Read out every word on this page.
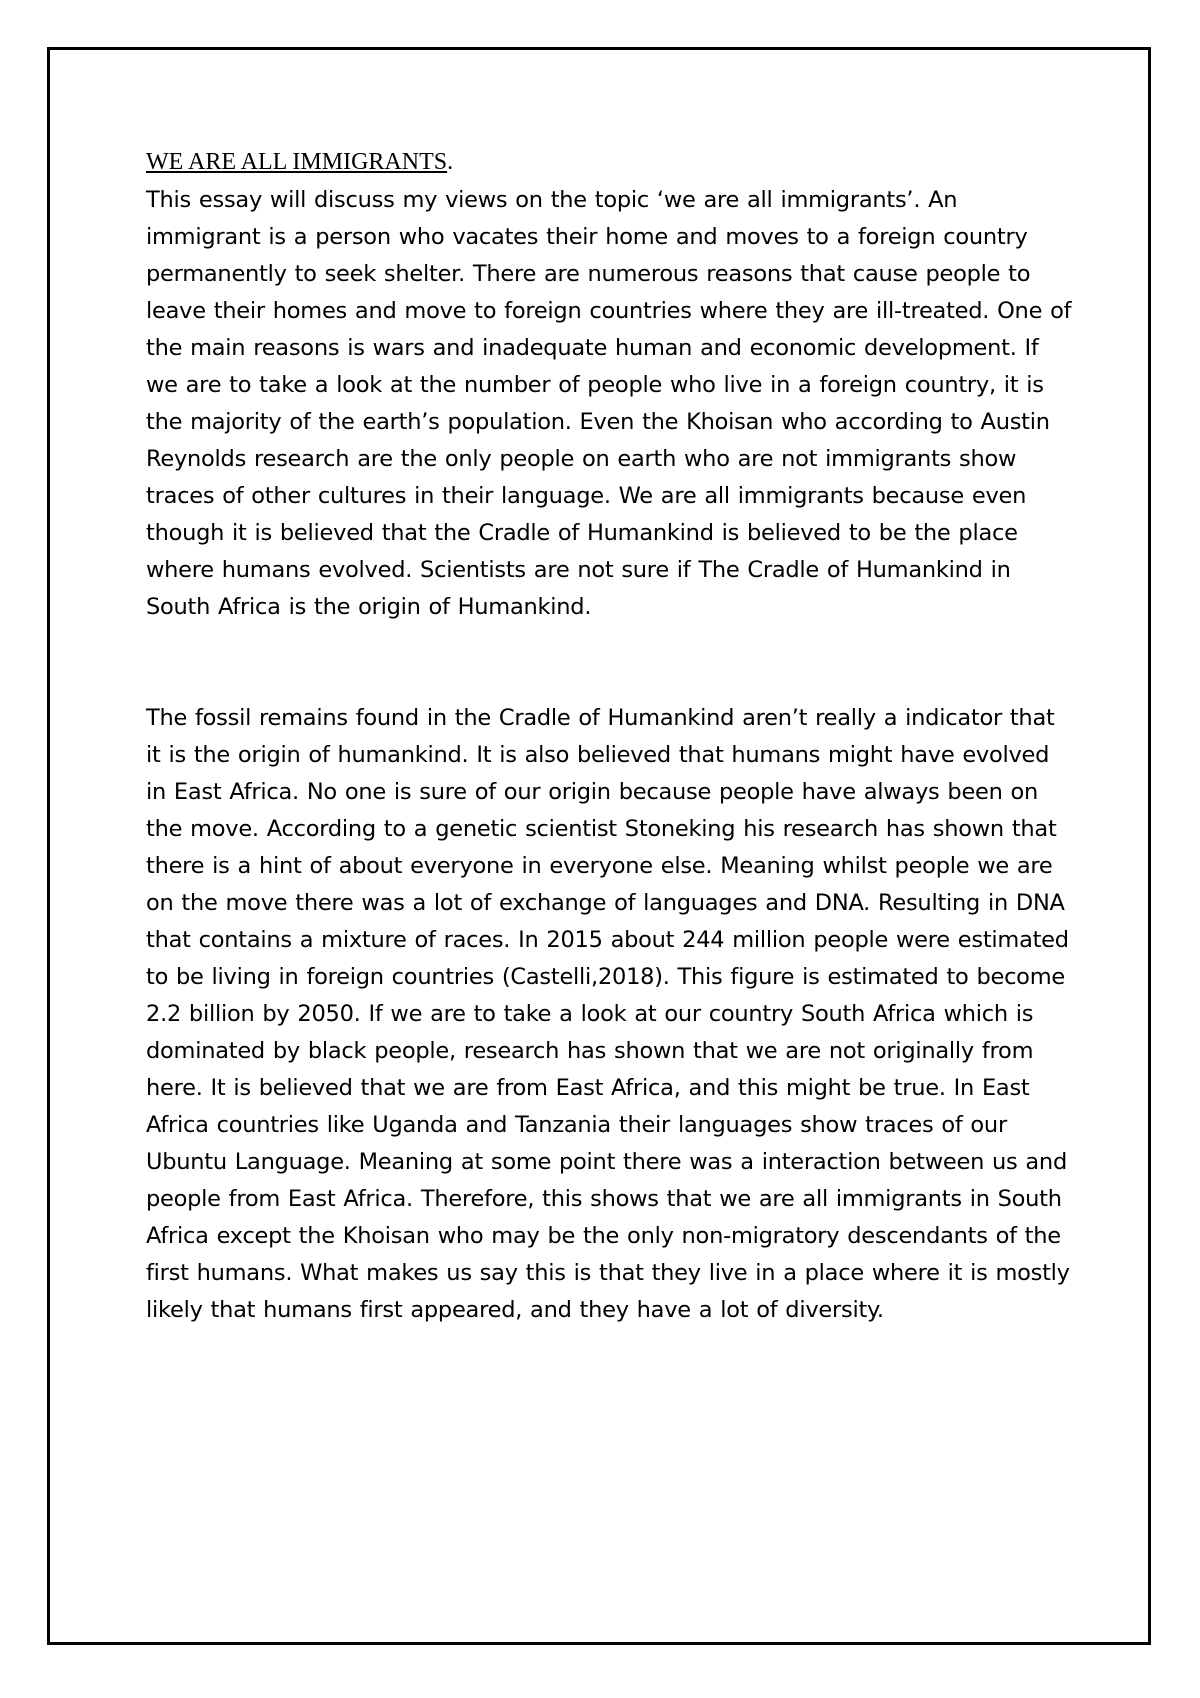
WE ARE ALL IMMIGRANTS.

This essay will discuss my views on the topic ‘we are all immigrants’. An immigrant is a person who vacates their home and moves to a foreign country permanently to seek shelter. There are numerous reasons that cause people to leave their homes and move to foreign countries where they are ill-treated. One of the main reasons is wars and inadequate human and economic development. If we are to take a look at the number of people who live in a foreign country, it is the majority of the earth’s population. Even the Khoisan who according to Austin Reynolds research are the only people on earth who are not immigrants show traces of other cultures in their language. We are all immigrants because even though it is believed that the Cradle of Humankind is believed to be the place where humans evolved. Scientists are not sure if The Cradle of Humankind in South Africa is the origin of Humankind.

The fossil remains found in the Cradle of Humankind aren’t really a indicator that it is the origin of humankind. It is also believed that humans might have evolved in East Africa. No one is sure of our origin because people have always been on the move. According to a genetic scientist Stoneking his research has shown that there is a hint of about everyone in everyone else. Meaning whilst people we are on the move there was a lot of exchange of languages and DNA. Resulting in DNA that contains a mixture of races. In 2015 about 244 million people were estimated to be living in foreign countries (Castelli,2018). This figure is estimated to become 2.2 billion by 2050. If we are to take a look at our country South Africa which is dominated by black people, research has shown that we are not originally from here. It is believed that we are from East Africa, and this might be true. In East Africa countries like Uganda and Tanzania their languages show traces of our Ubuntu Language. Meaning at some point there was a interaction between us and people from East Africa. Therefore, this shows that we are all immigrants in South Africa except the Khoisan who may be the only non-migratory descendants of the first humans. What makes us say this is that they live in a place where it is mostly likely that humans first appeared, and they have a lot of diversity.
